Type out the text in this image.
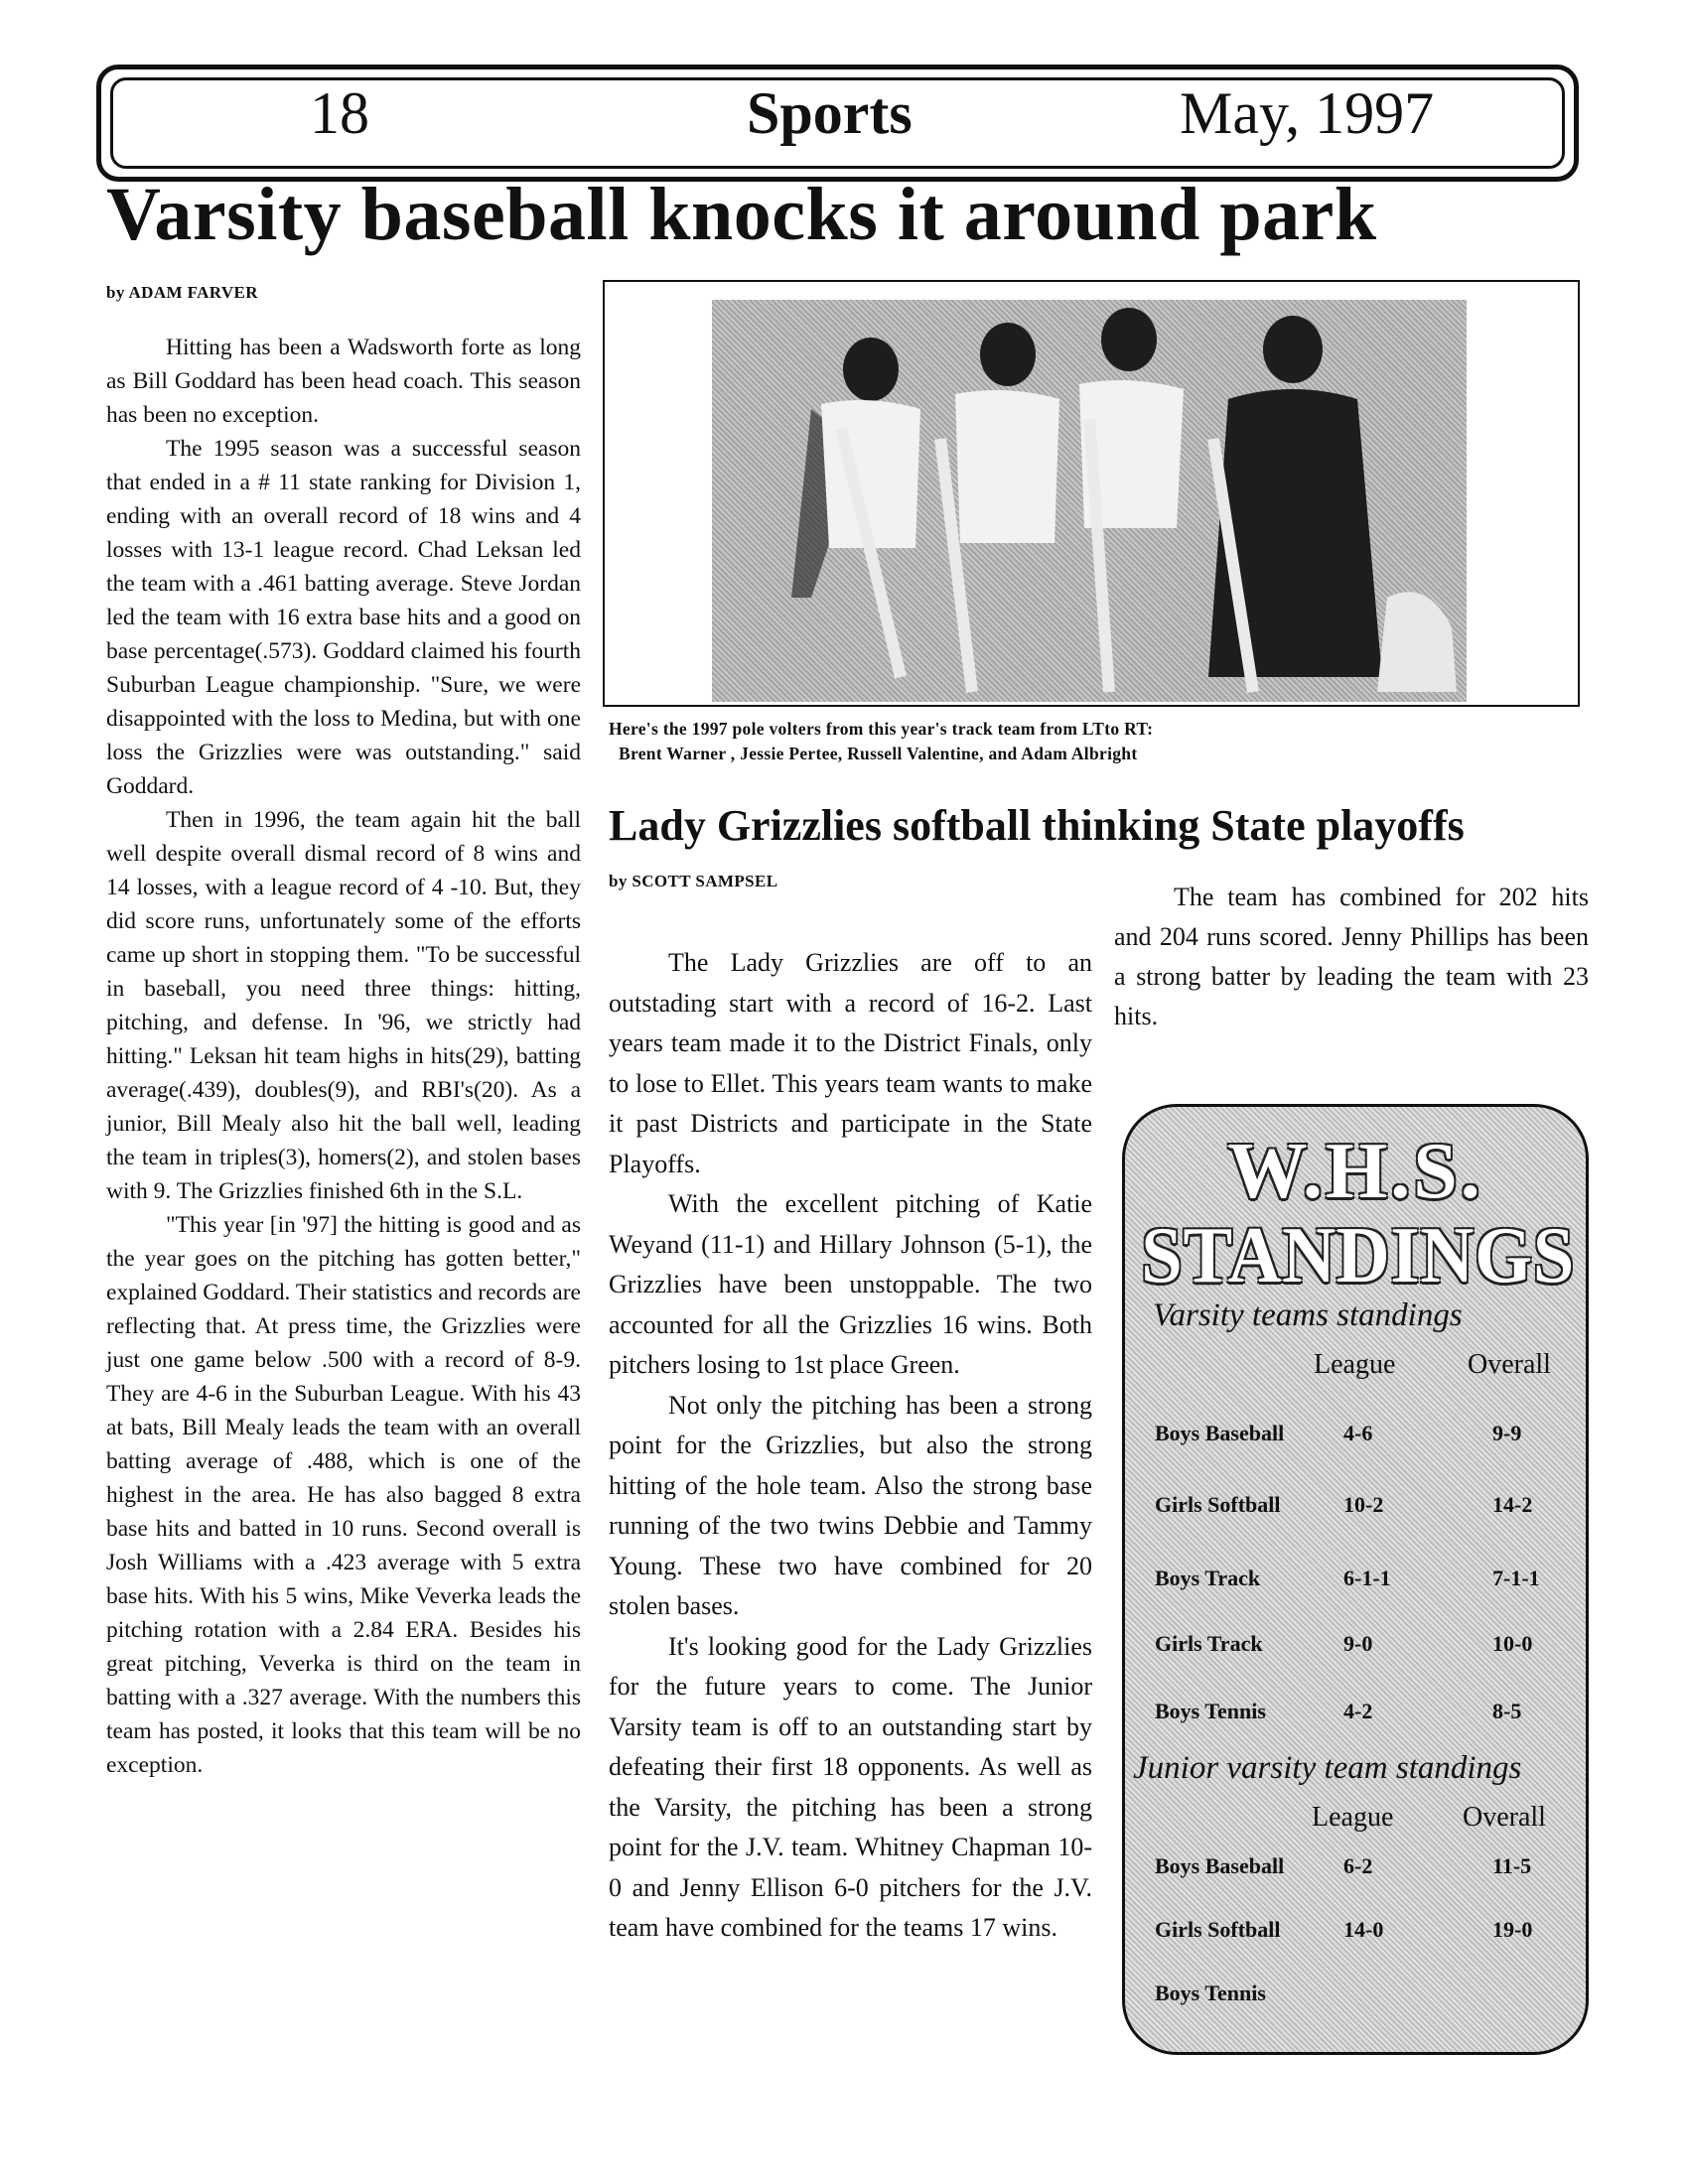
18	Sports	May, 1997
Varsity baseball knocks it around park
by ADAM FARVER

Hitting has been a Wadsworth forte as long as Bill Goddard has been head coach. This season has been no exception.

The 1995 season was a successful season that ended in a # 11 state ranking for Division 1, ending with an overall record of 18 wins and 4 losses with 13-1 league record. Chad Leksan led the team with a .461 batting average. Steve Jordan led the team with 16 extra base hits and a good on base percentage(.573). Goddard claimed his fourth Suburban League championship. "Sure, we were disappointed with the loss to Medina, but with one loss the Grizzlies were was outstanding." said Goddard.

Then in 1996, the team again hit the ball well despite overall dismal record of 8 wins and 14 losses, with a league record of 4 -10. But, they did score runs, unfortunately some of the efforts came up short in stopping them. "To be successful in baseball, you need three things: hitting, pitching, and defense. In '96, we strictly had hitting." Leksan hit team highs in hits(29), batting average(.439), doubles(9), and RBI's(20). As a junior, Bill Mealy also hit the ball well, leading the team in triples(3), homers(2), and stolen bases with 9. The Grizzlies finished 6th in the S.L.

"This year [in '97] the hitting is good and as the year goes on the pitching has gotten better," explained Goddard. Their statistics and records are reflecting that. At press time, the Grizzlies were just one game below .500 with a record of 8-9. They are 4-6 in the Suburban League. With his 43 at bats, Bill Mealy leads the team with an overall batting average of .488, which is one of the highest in the area. He has also bagged 8 extra base hits and batted in 10 runs. Second overall is Josh Williams with a .423 average with 5 extra base hits. With his 5 wins, Mike Veverka leads the pitching rotation with a 2.84 ERA. Besides his great pitching, Veverka is third on the team in batting with a .327 average. With the numbers this team has posted, it looks that this team will be no exception.

Here's the 1997 pole volters from this year's track team from LTto RT:
Brent Warner , Jessie Pertee, Russell Valentine, and Adam Albright
Lady Grizzlies softball thinking State playoffs
by SCOTT SAMPSEL

The Lady Grizzlies are off to an outstading start with a record of 16-2. Last years team made it to the District Finals, only to lose to Ellet. This years team wants to make it past Districts and participate in the State Playoffs.

With the excellent pitching of Katie Weyand (11-1) and Hillary Johnson (5-1), the Grizzlies have been unstoppable. The two accounted for all the Grizzlies 16 wins. Both pitchers losing to 1st place Green.

Not only the pitching has been a strong point for the Grizzlies, but also the strong hitting of the hole team. Also the strong base running of the two twins Debbie and Tammy Young. These two have combined for 20 stolen bases.

It's looking good for the Lady Grizzlies for the future years to come. The Junior Varsity team is off to an outstanding start by defeating their first 18 opponents. As well as the Varsity, the pitching has been a strong point for the J.V. team. Whitney Chapman 10-0 and Jenny Ellison 6-0 pitchers for the J.V. team have combined for the teams 17 wins.

The team has combined for 202 hits and 204 runs scored. Jenny Phillips has been a strong batter by leading the team with 23 hits.

W.H.S.
STANDINGS
Varsity teams standings
League	Overall
Boys Baseball	4-6	9-9
Girls Softball	10-2	14-2
Boys Track	6-1-1	7-1-1
Girls Track	9-0	10-0
Boys Tennis	4-2	8-5
Junior varsity team standings
League Overall
Boys Baseball	6-2	11-5
Girls Softball	14-0	19-0
Boys Tennis
